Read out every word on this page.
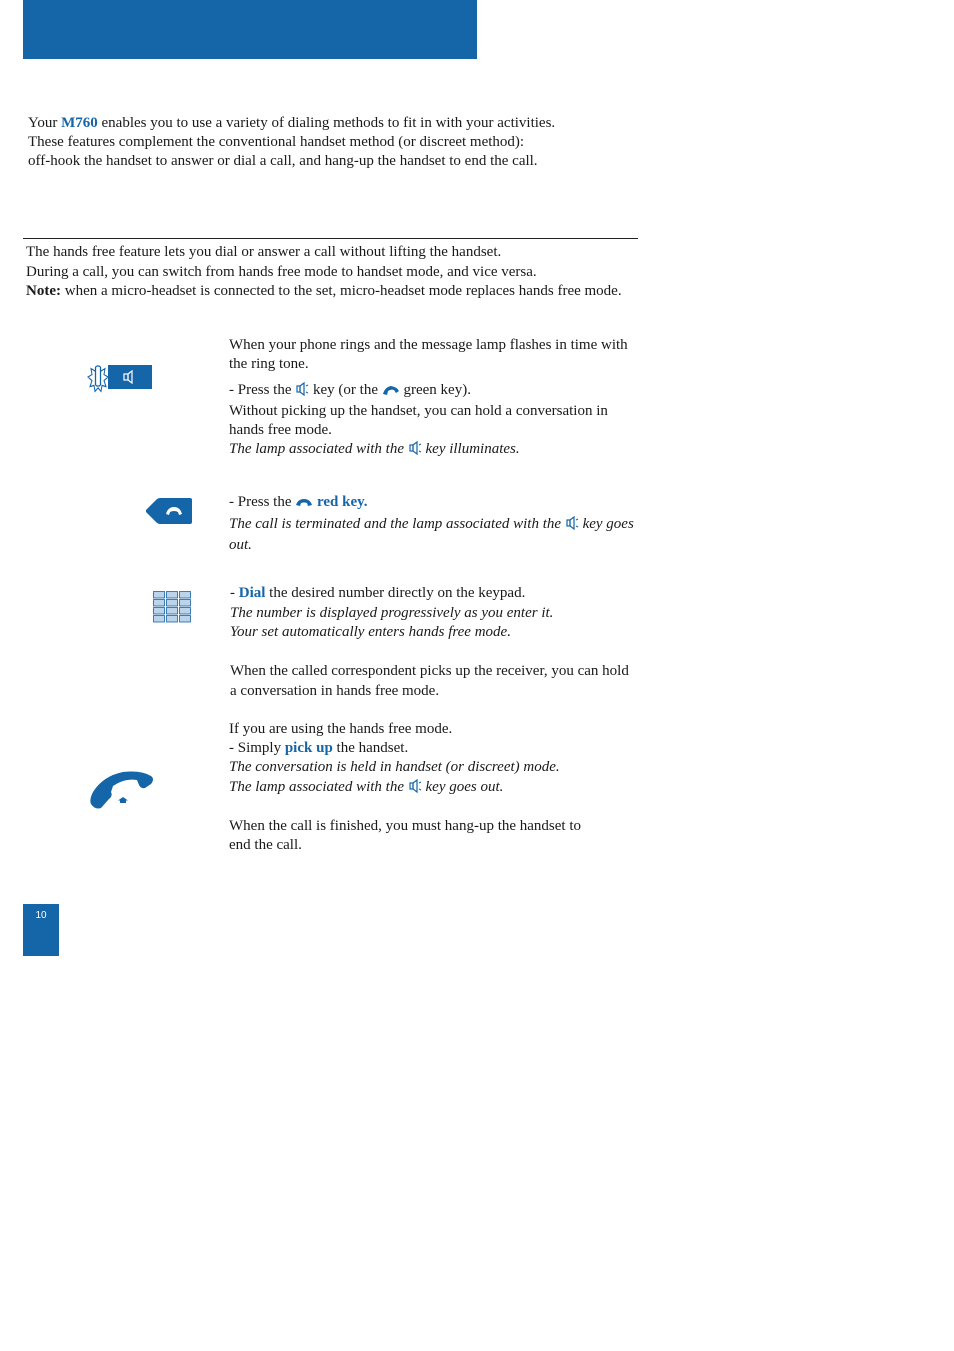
Your M760 enables you to use a variety of dialing methods to fit in with your activities.

These features complement the conventional handset method (or discreet method):

off-hook the handset to answer or dial a call, and hang-up the handset to end the call.

The hands free feature lets you dial or answer a call without lifting the handset.

During a call, you can switch from hands free mode to handset mode, and vice versa.

Note: when a micro-headset is connected to the set, micro-headset mode replaces hands free mode.

When your phone rings and the message lamp flashes in time with the ring tone.

- Press the  key (or the  green key).

Without picking up the handset, you can hold a conversation in hands free mode.

The lamp associated with the  key illuminates.

- Press the  red key.

The call is terminated and the lamp associated with the  key goes out.

- Dial the desired number directly on the keypad.

The number is displayed progressively as you enter it.

Your set automatically enters hands free mode.

When the called correspondent picks up the receiver, you can hold a conversation in hands free mode.

If you are using the hands free mode.

- Simply pick up the handset.

The conversation is held in handset (or discreet) mode.

The lamp associated with the  key goes out.

When the call is finished, you must hang-up the handset to end the call.

10
